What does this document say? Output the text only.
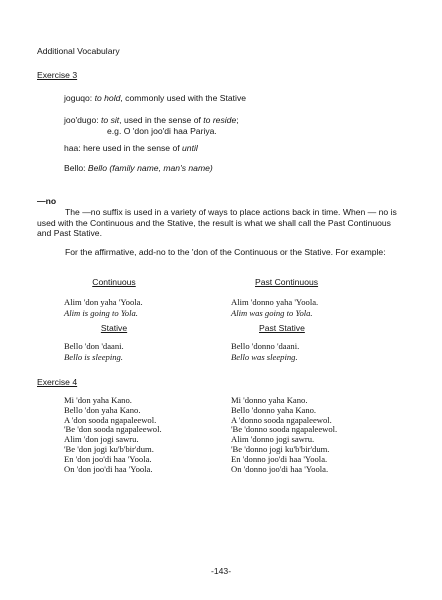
Additional Vocabulary
Exercise 3
joguqo: to hold, commonly used with the Stative
joo'dugo: to sit, used in the sense of to reside;
e.g. O 'don joo'di haa Pariya.
haa: here used in the sense of until
Bello: Bello (family name, man's name)
—no
The —no suffix is used in a variety of ways to place actions back in time. When — no is used with the Continuous and the Stative, the result is what we shall call the Past Continuous and Past Stative.
For the affirmative, add-no to the 'don of the Continuous or the Stative. For example:
Continuous	Past Continuous
Alim 'don yaha 'Yoola.
Alim is going to Yola.
Alim 'donno yaha 'Yoola.
Alim was going to Yola.
Stative	Past Stative
Bello 'don 'daani.
Bello is sleeping.
Bello 'donno 'daani.
Bello was sleeping.
Exercise 4
Mi 'don yaha Kano.
Bello 'don yaha Kano.
A 'don sooda ngapaleewol.
'Be 'don sooda ngapaleewol.
Alim 'don jogi sawru.
'Be 'don jogi ku'b'bir'dum.
En 'don joo'di haa 'Yoola.
On 'don joo'di haa 'Yoola.
Mi 'donno yaha Kano.
Bello 'donno yaha Kano.
A 'donno sooda ngapaleewol.
'Be 'donno sooda ngapaleewol.
Alim 'donno jogi sawru.
'Be 'donno jogi ku'b'bir'dum.
En 'donno joo'di haa 'Yoola.
On 'donno joo'di haa 'Yoola.
-143-
